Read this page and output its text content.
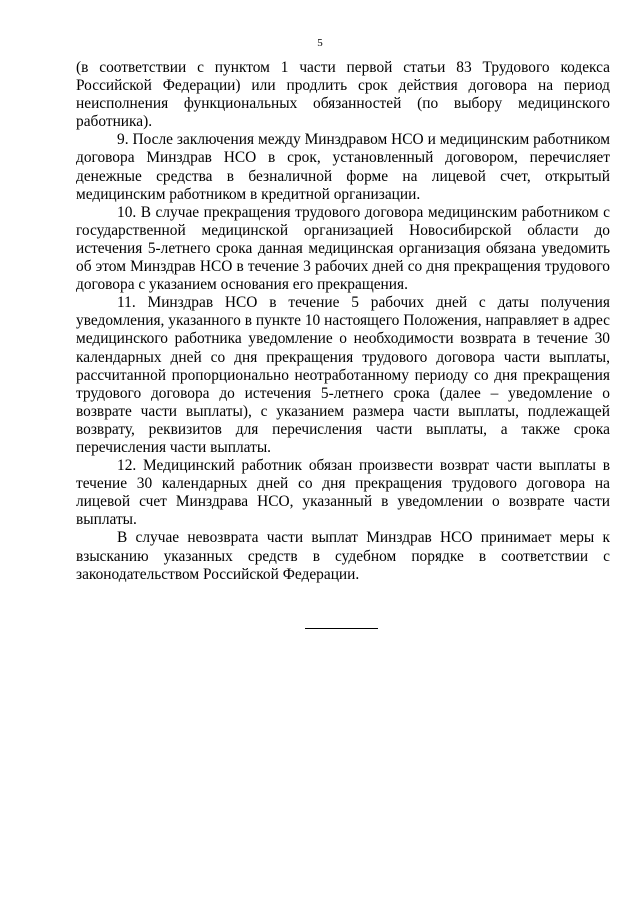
5

(в соответствии с пунктом 1 части первой статьи 83 Трудового кодекса Российской Федерации) или продлить срок действия договора на период неисполнения функциональных обязанностей (по выбору медицинского работника).

9. После заключения между Минздравом НСО и медицинским работником договора Минздрав НСО в срок, установленный договором, перечисляет денежные средства в безналичной форме на лицевой счет, открытый медицинским работником в кредитной организации.

10. В случае прекращения трудового договора медицинским работником с государственной медицинской организацией Новосибирской области до истечения 5-летнего срока данная медицинская организация обязана уведомить об этом Минздрав НСО в течение 3 рабочих дней со дня прекращения трудового договора с указанием основания его прекращения.

11. Минздрав НСО в течение 5 рабочих дней с даты получения уведомления, указанного в пункте 10 настоящего Положения, направляет в адрес медицинского работника уведомление о необходимости возврата в течение 30 календарных дней со дня прекращения трудового договора части выплаты, рассчитанной пропорционально неотработанному периоду со дня прекращения трудового договора до истечения 5-летнего срока (далее – уведомление о возврате части выплаты), с указанием размера части выплаты, подлежащей возврату, реквизитов для перечисления части выплаты, а также срока перечисления части выплаты.

12. Медицинский работник обязан произвести возврат части выплаты в течение 30 календарных дней со дня прекращения трудового договора на лицевой счет Минздрава НСО, указанный в уведомлении о возврате части выплаты.

В случае невозврата части выплат Минздрав НСО принимает меры к взысканию указанных средств в судебном порядке в соответствии с законодательством Российской Федерации.
